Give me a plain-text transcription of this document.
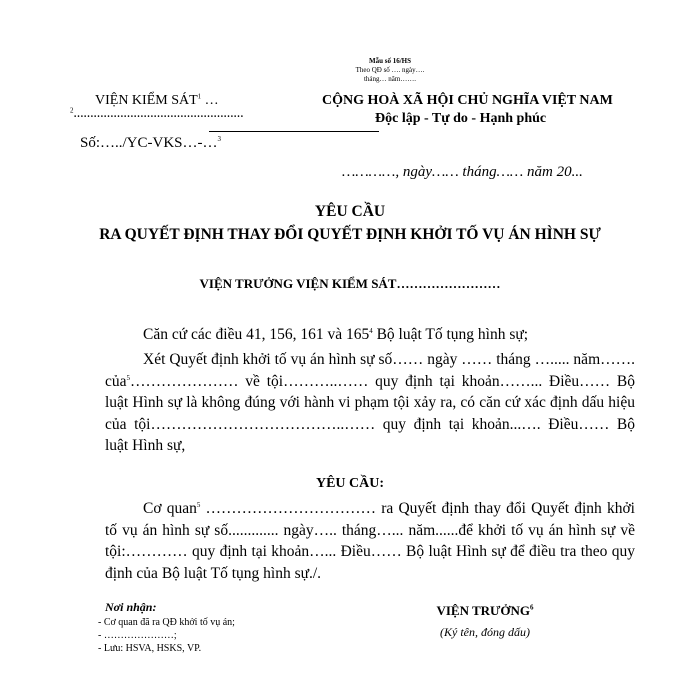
Mẫu số 16/HS
Theo QĐ số …. ngày….
tháng… năm…….
VIỆN KIỂM SÁT$^1$ …
$^2$……………………………………………
Số:…../YC-VKS…-…$^3$
CỘNG HOÀ XÃ HỘI CHỦ NGHĨA VIỆT NAM
Độc lập - Tự do - Hạnh phúc
…………, ngày…… tháng…… năm 20...
YÊU CẦU
RA QUYẾT ĐỊNH THAY ĐỔI QUYẾT ĐỊNH KHỞI TỐ VỤ ÁN HÌNH SỰ
VIỆN TRƯỞNG VIỆN KIỂM SÁT……………………
Căn cứ các điều 41, 156, 161 và $165^4$ Bộ luật Tố tụng hình sự;
Xét Quyết định khởi tố vụ án hình sự số…… ngày …… tháng …..... năm……. của$^5$………………… về tội………..…… quy định tại khoản……... Điều…… Bộ luật Hình sự là không đúng với hành vi phạm tội xảy ra, có căn cứ xác định dấu hiệu của tội………………………………..…… quy định tại khoản...…. Điều…… Bộ luật Hình sự,
YÊU CẦU:
Cơ quan$^5$ …………………………… ra Quyết định thay đổi Quyết định khởi tố vụ án hình sự số............. ngày….. tháng…... năm......để khởi tố vụ án hình sự về tội:………… quy định tại khoản…... Điều…… Bộ luật Hình sự để điều tra theo quy định của Bộ luật Tố tụng hình sự./.
Nơi nhận:
- Cơ quan đã ra QĐ khởi tố vụ án;
- …………………;
- Lưu: HSVA, HSKS, VP.
VIỆN TRƯỞNG$^6$
(Ký tên, đóng dấu)
